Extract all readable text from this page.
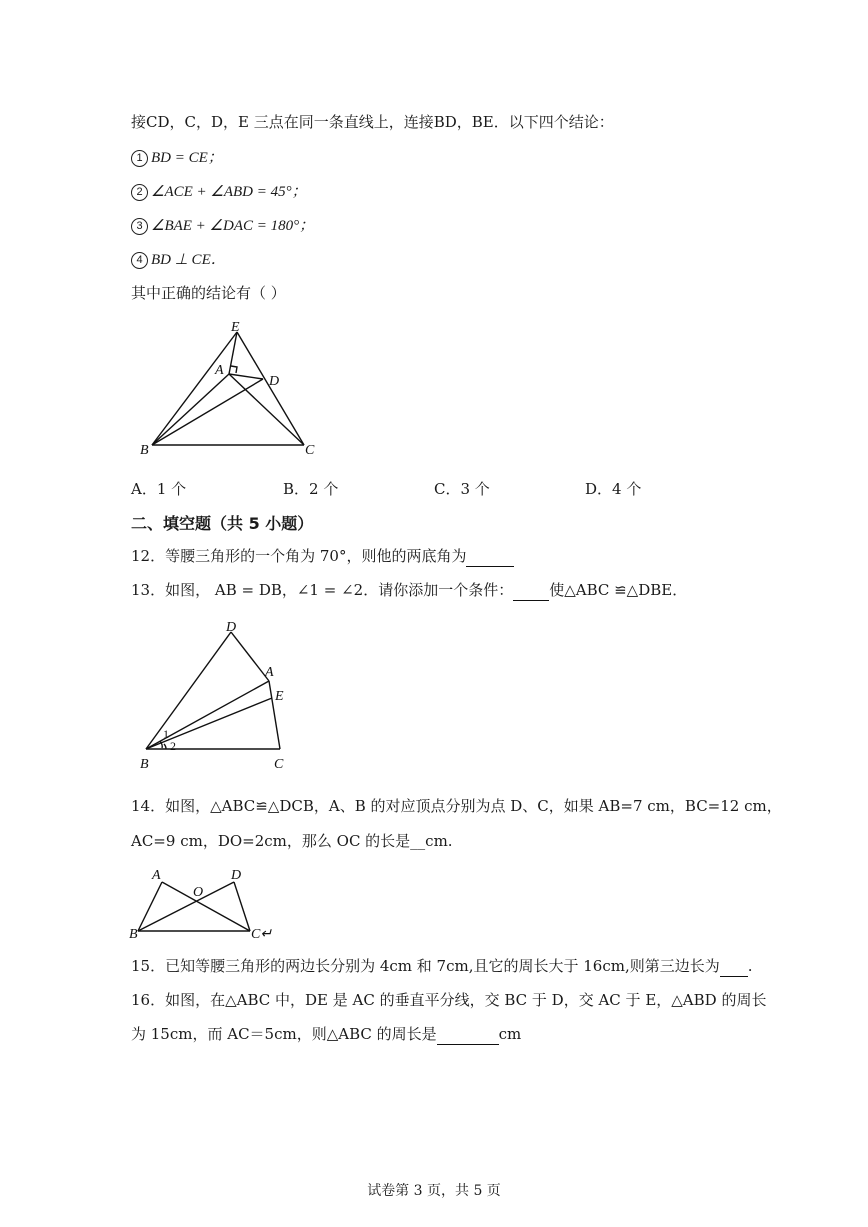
接CD，C，D，E 三点在同一条直线上，连接BD，BE．以下四个结论：
1 BD = CE；
2 ∠ACE + ∠ABD = 45°；
3 ∠BAE + ∠DAC = 180°；
4 BD ⊥ CE．
其中正确的结论有（ ）
E
A
D
B	C
A．1 个	B．2 个	C．3 个	D．4 个
二、填空题（共 5 小题）
12．等腰三角形的一个角为 70°，则他的两底角为
13．如图， AB = DB，∠1 = ∠2．请你添加一个条件： 使△ABC ≌△DBE．
D
A
E
B	C
1
2
14．如图，△ABC≌△DCB，A、B 的对应顶点分别为点 D、C，如果 AB=7 cm，BC=12 cm，
AC=9 cm，DO=2cm，那么 OC 的长是__cm.
A
O
D
B	C↵
15．已知等腰三角形的两边长分别为 4cm 和 7cm,且它的周长大于 16cm,则第三边长为 .
16．如图，在△ABC 中，DE 是 AC 的垂直平分线，交 BC 于 D，交 AC 于 E，△ABD 的周长
为 15cm，而 AC＝5cm，则△ABC 的周长是	cm
试卷第 3 页，共 5 页
